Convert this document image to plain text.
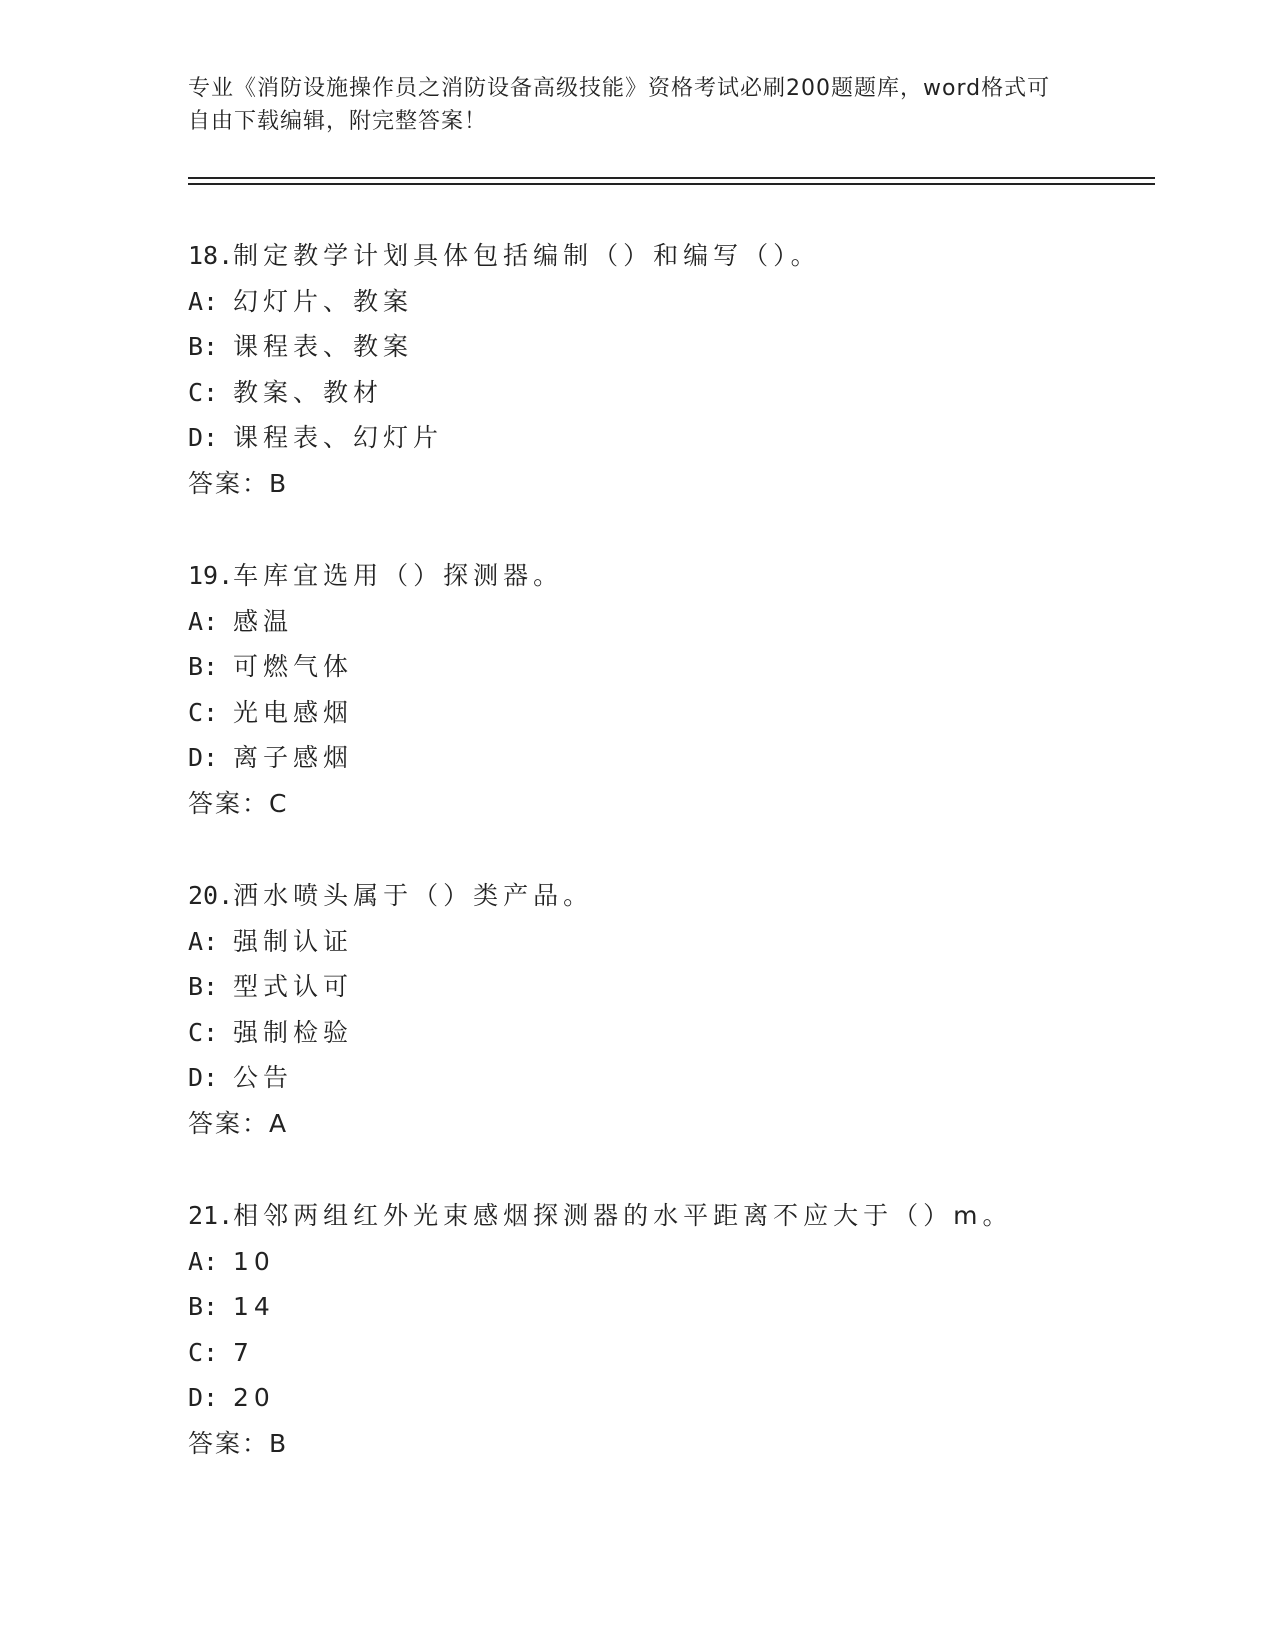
专业《消防设施操作员之消防设备高级技能》资格考试必刷200题题库，word格式可自由下载编辑，附完整答案！
18.制定教学计划具体包括编制（）和编写（）。
A: 幻灯片、教案
B: 课程表、教案
C: 教案、教材
D: 课程表、幻灯片
答案：B
19.车库宜选用（）探测器。
A: 感温
B: 可燃气体
C: 光电感烟
D: 离子感烟
答案：C
20.洒水喷头属于（）类产品。
A: 强制认证
B: 型式认可
C: 强制检验
D: 公告
答案：A
21.相邻两组红外光束感烟探测器的水平距离不应大于（）m。
A: 10
B: 14
C: 7
D: 20
答案：B
